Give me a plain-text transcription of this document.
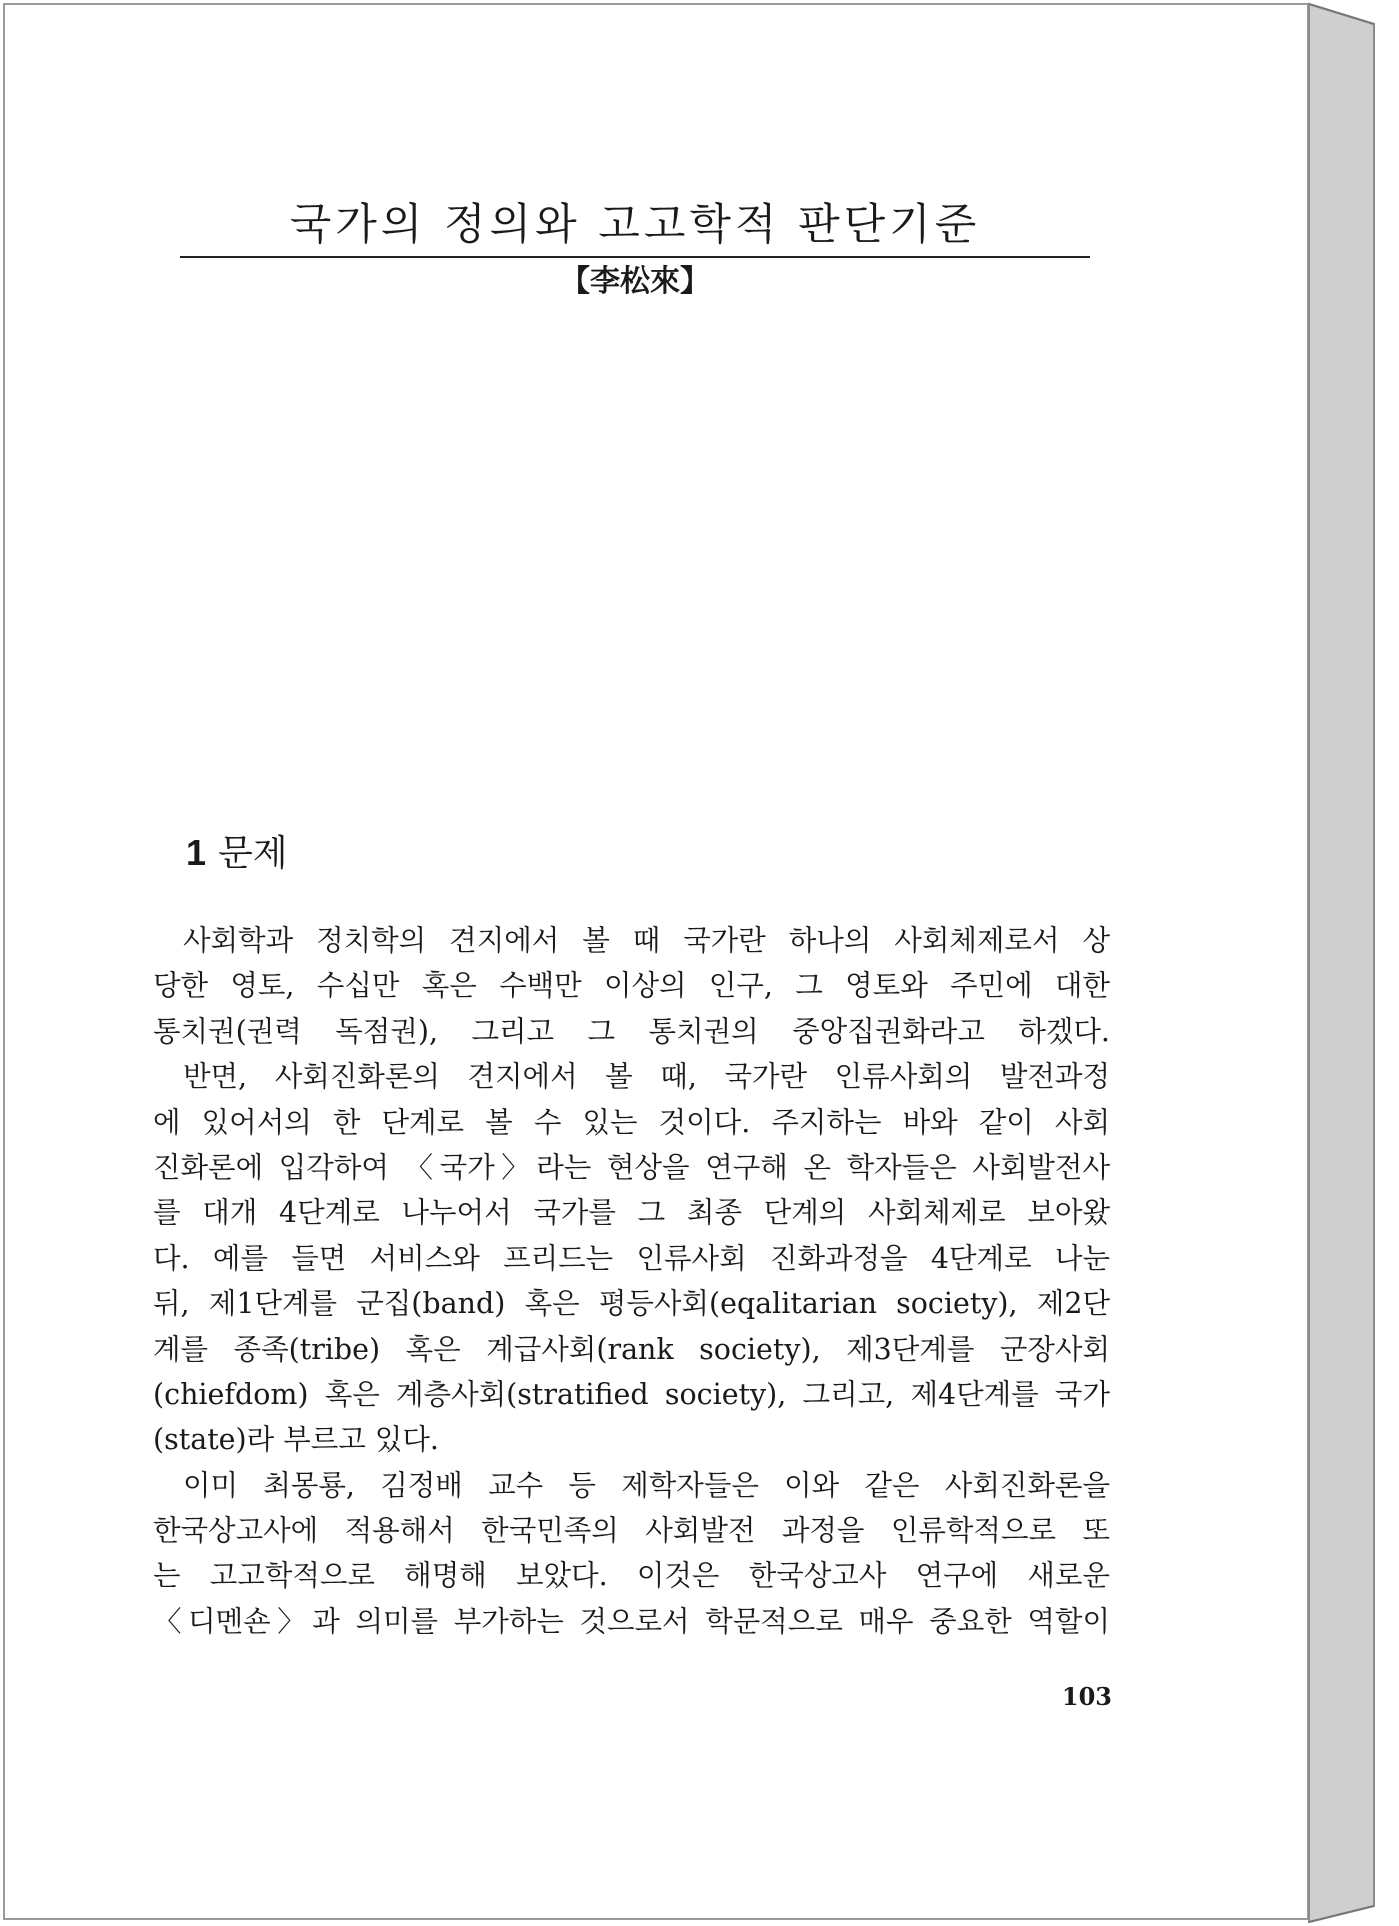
국가의 정의와 고고학적 판단기준
【李松來】
1 문제
사회학과 정치학의 견지에서 볼 때 국가란 하나의 사회체제로서 상
당한 영토, 수십만 혹은 수백만 이상의 인구, 그 영토와 주민에 대한
통치권(권력 독점권), 그리고 그 통치권의 중앙집권화라고 하겠다.
반면, 사회진화론의 견지에서 볼 때, 국가란 인류사회의 발전과정
에 있어서의 한 단계로 볼 수 있는 것이다. 주지하는 바와 같이 사회
진화론에 입각하여 〈국가〉라는 현상을 연구해 온 학자들은 사회발전사
를 대개 4단계로 나누어서 국가를 그 최종 단계의 사회체제로 보아왔
다. 예를 들면 서비스와 프리드는 인류사회 진화과정을 4단계로 나눈
뒤, 제1단계를 군집(band) 혹은 평등사회(eqalitarian society), 제2단
계를 종족(tribe) 혹은 계급사회(rank society), 제3단계를 군장사회
(chiefdom) 혹은 계층사회(stratified society), 그리고, 제4단계를 국가
(state)라 부르고 있다.
이미 최몽룡, 김정배 교수 등 제학자들은 이와 같은 사회진화론을
한국상고사에 적용해서 한국민족의 사회발전 과정을 인류학적으로 또
는 고고학적으로 해명해 보았다. 이것은 한국상고사 연구에 새로운
〈디멘숀〉과 의미를 부가하는 것으로서 학문적으로 매우 중요한 역할이
103
